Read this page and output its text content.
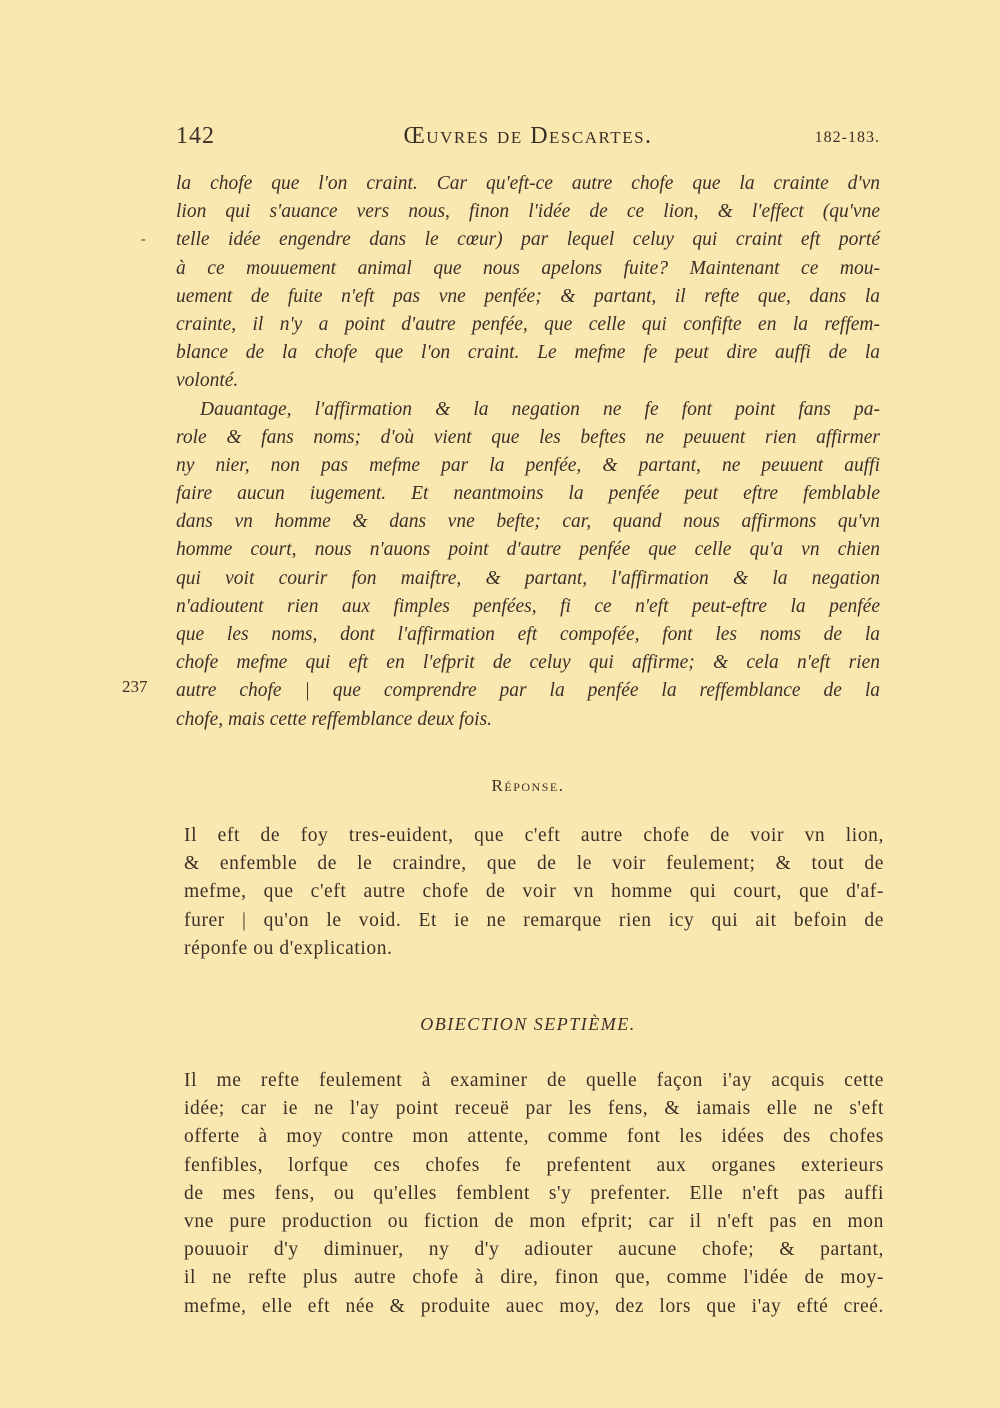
142	Œuvres de Descartes.	182-183.
-
237
la chofe que l'on craint. Car qu'eft-ce autre chofe que la crainte d'vn
lion qui s'auance vers nous, finon l'idée de ce lion, & l'effect (qu'vne
telle idée engendre dans le cœur) par lequel celuy qui craint eft porté
à ce mouuement animal que nous apelons fuite? Maintenant ce mou-
uement de fuite n'eft pas vne penfée; & partant, il refte que, dans la
crainte, il n'y a point d'autre penfée, que celle qui confifte en la reffem-
blance de la chofe que l'on craint. Le mefme fe peut dire auffi de la
volonté.
Dauantage, l'affirmation & la negation ne fe font point fans pa-
role & fans noms; d'où vient que les beftes ne peuuent rien affirmer
ny nier, non pas mefme par la penfée, & partant, ne peuuent auffi
faire aucun iugement. Et neantmoins la penfée peut eftre femblable
dans vn homme & dans vne befte; car, quand nous affirmons qu'vn
homme court, nous n'auons point d'autre penfée que celle qu'a vn chien
qui voit courir fon maiftre, & partant, l'affirmation & la negation
n'adioutent rien aux fimples penfées, fi ce n'eft peut-eftre la penfée
que les noms, dont l'affirmation eft compofée, font les noms de la
chofe mefme qui eft en l'efprit de celuy qui affirme; & cela n'eft rien
autre chofe | que comprendre par la penfée la reffemblance de la
chofe, mais cette reffemblance deux fois.
Réponse.
Il eft de foy tres-euident, que c'eft autre chofe de voir vn lion,
& enfemble de le craindre, que de le voir feulement; & tout de
mefme, que c'eft autre chofe de voir vn homme qui court, que d'af-
furer | qu'on le void. Et ie ne remarque rien icy qui ait befoin de
réponfe ou d'explication.
OBIECTION SEPTIÈME.
Il me refte feulement à examiner de quelle façon i'ay acquis cette
idée; car ie ne l'ay point receuë par les fens, & iamais elle ne s'eft
offerte à moy contre mon attente, comme font les idées des chofes
fenfibles, lorfque ces chofes fe prefentent aux organes exterieurs
de mes fens, ou qu'elles femblent s'y prefenter. Elle n'eft pas auffi
vne pure production ou fiction de mon efprit; car il n'eft pas en mon
pouuoir d'y diminuer, ny d'y adiouter aucune chofe; & partant,
il ne refte plus autre chofe à dire, finon que, comme l'idée de moy-
mefme, elle eft née & produite auec moy, dez lors que i'ay efté creé.
